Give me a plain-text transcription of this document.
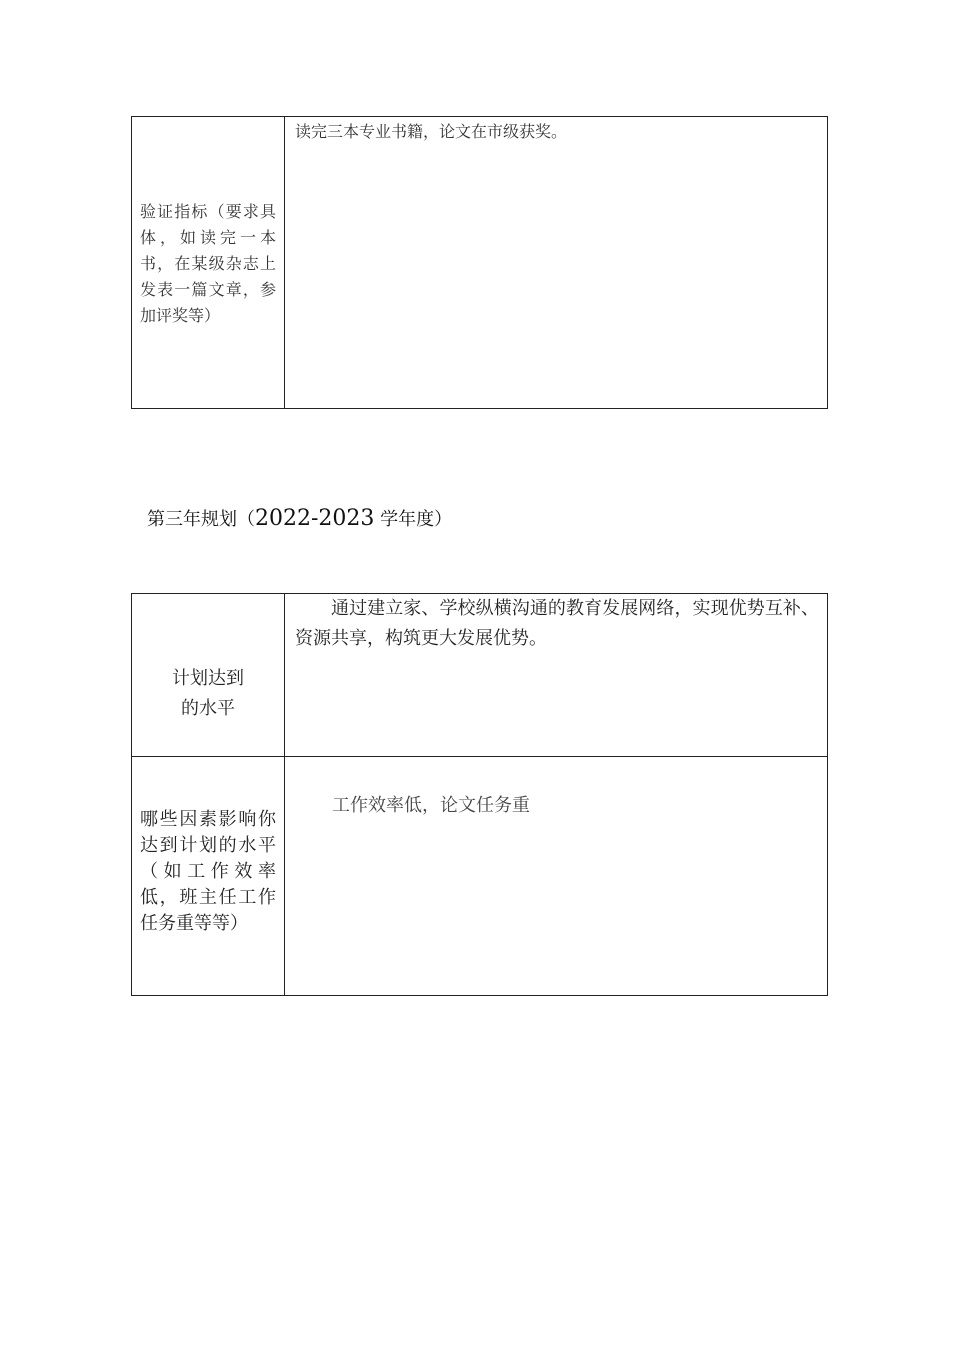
验证指标（要求具体，如读完一本书，在某级杂志上发表一篇文章，参加评奖等）
读完三本专业书籍，论文在市级获奖。
第三年规划（2022-2023 学年度）
计划达到
的水平
通过建立家、学校纵横沟通的教育发展网络，实现优势互补、资源共享，构筑更大发展优势。
哪些因素影响你达到计划的水平（如工作效率低，班主任工作任务重等等）
工作效率低，论文任务重
